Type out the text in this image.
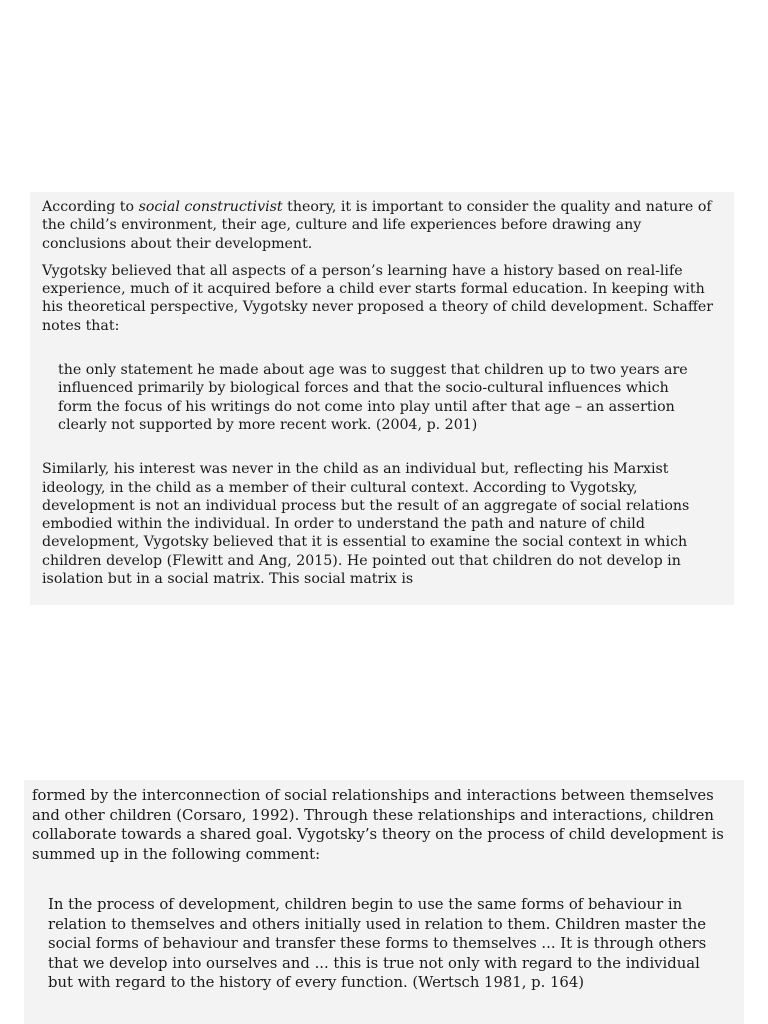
According to social constructivist theory, it is important to consider the quality and nature of the child’s environment, their age, culture and life experiences before drawing any conclusions about their development.

Vygotsky believed that all aspects of a person’s learning have a history based on real-life experience, much of it acquired before a child ever starts formal education. In keeping with his theoretical perspective, Vygotsky never proposed a theory of child development. Schaffer notes that:

the only statement he made about age was to suggest that children up to two years are influenced primarily by biological forces and that the socio-cultural influences which form the focus of his writings do not come into play until after that age – an assertion clearly not supported by more recent work. (2004, p. 201)

Similarly, his interest was never in the child as an individual but, reflecting his Marxist ideology, in the child as a member of their cultural context. According to Vygotsky, development is not an individual process but the result of an aggregate of social relations embodied within the individual. In order to understand the path and nature of child development, Vygotsky believed that it is essential to examine the social context in which children develop (Flewitt and Ang, 2015). He pointed out that children do not develop in isolation but in a social matrix. This social matrix is

formed by the interconnection of social relationships and interactions between themselves and other children (Corsaro, 1992). Through these relationships and interactions, children collaborate towards a shared goal. Vygotsky’s theory on the process of child development is summed up in the following comment:

In the process of development, children begin to use the same forms of behaviour in relation to themselves and others initially used in relation to them. Children master the social forms of behaviour and transfer these forms to themselves ... It is through others that we develop into ourselves and ... this is true not only with regard to the individual but with regard to the history of every function. (Wertsch 1981, p. 164)
